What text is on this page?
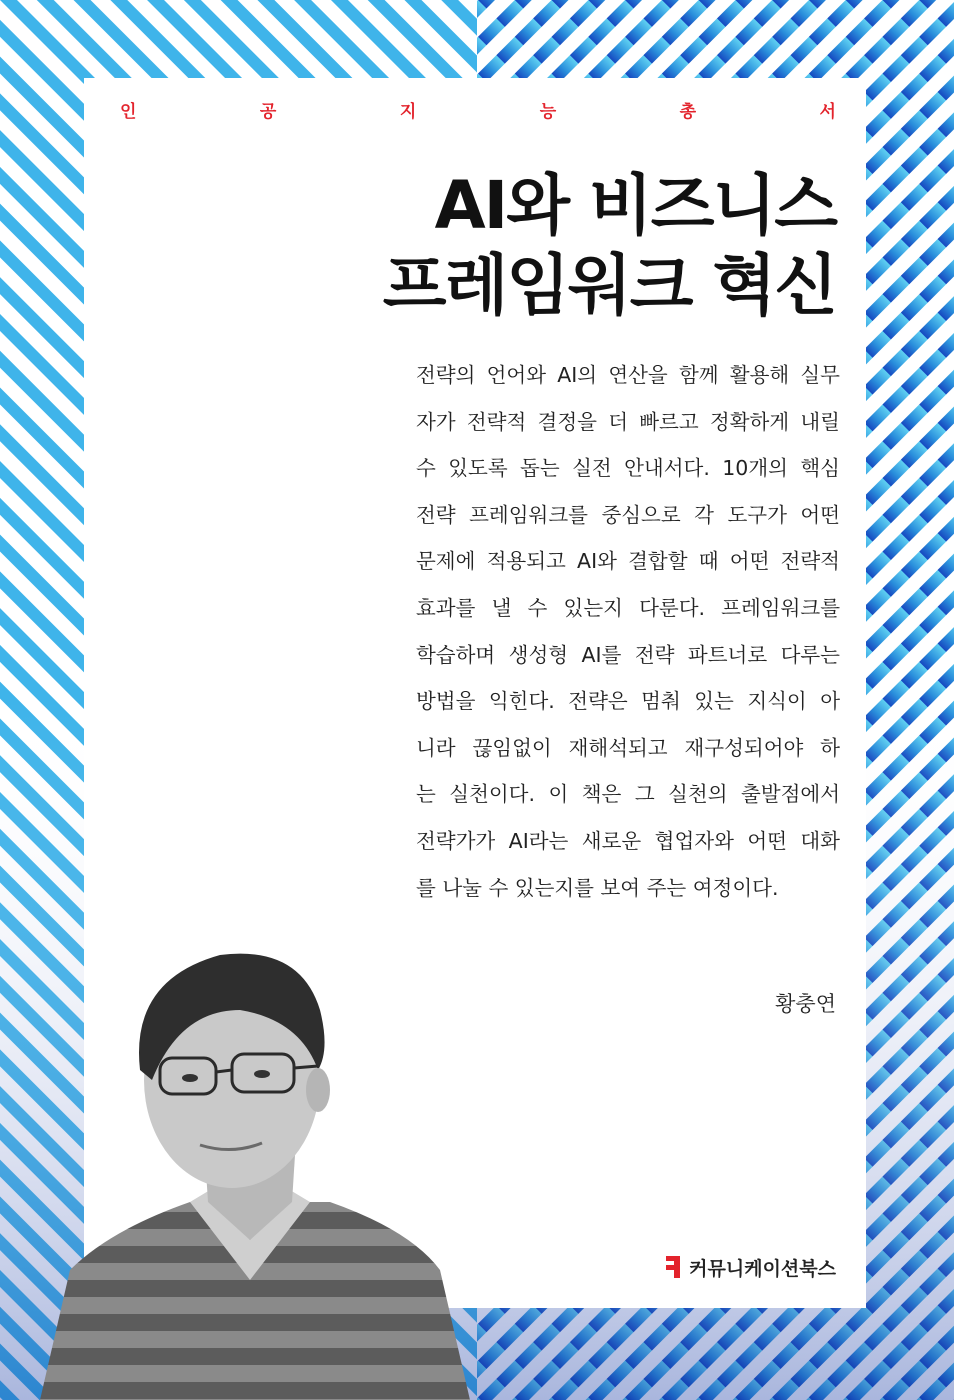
인	공	지	능	총	서
AI와 비즈니스
프레임워크 혁신
전략의 언어와 AI의 연산을 함께 활용해 실무
자가 전략적 결정을 더 빠르고 정확하게 내릴
수 있도록 돕는 실전 안내서다. 10개의 핵심
전략 프레임워크를 중심으로 각 도구가 어떤
문제에 적용되고 AI와 결합할 때 어떤 전략적
효과를 낼 수 있는지 다룬다. 프레임워크를
학습하며 생성형 AI를 전략 파트너로 다루는
방법을 익힌다. 전략은 멈춰 있는 지식이 아
니라 끊임없이 재해석되고 재구성되어야 하
는 실천이다. 이 책은 그 실천의 출발점에서
전략가가 AI라는 새로운 협업자와 어떤 대화
를 나눌 수 있는지를 보여 주는 여정이다.
황충연
커뮤니케이션북스
